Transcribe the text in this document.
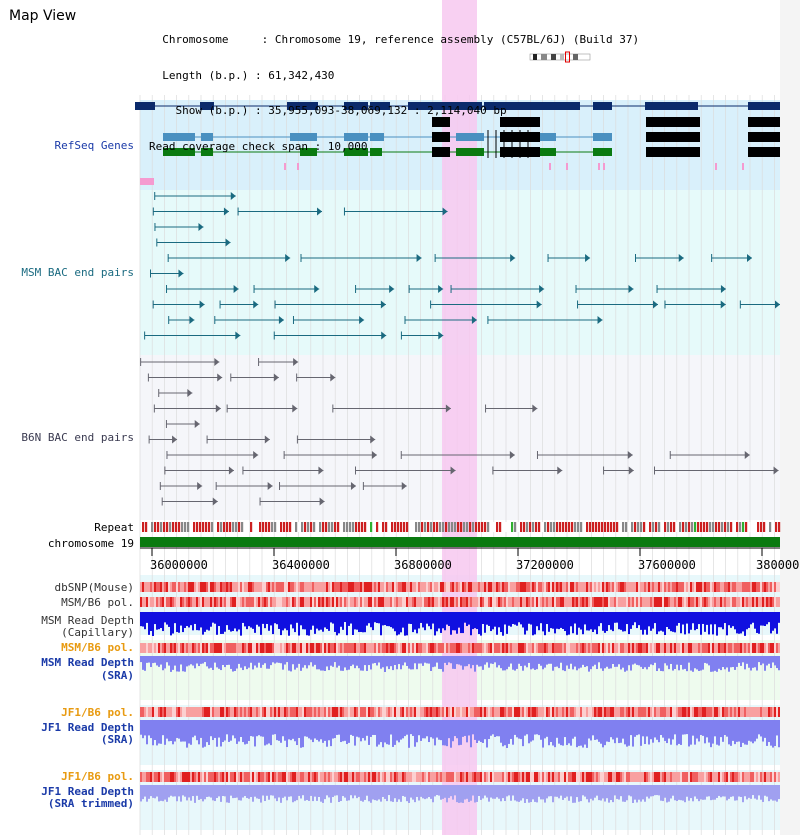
Map View

Chromosome     : Chromosome 19, reference assembly (C57BL/6J) (Build 37)

Length (b.p.) : 61,342,430

Show (b.p.) : 35,955,093-38,069,132 : 2,114,040 bp

Read coverage check span : 10,000

RefSeq Genes
MSM BAC end pairs
B6N BAC end pairs
Repeat
chromosome 19
dbSNP(Mouse)
MSM/B6 pol.
MSM Read Depth
(Capillary)
MSM/B6 pol.
MSM Read Depth
(SRA)
JF1/B6 pol.
JF1 Read Depth
(SRA)
JF1/B6 pol.
JF1 Read Depth
(SRA trimmed)
36000000	36400000	36800000	37200000	37600000	380000
